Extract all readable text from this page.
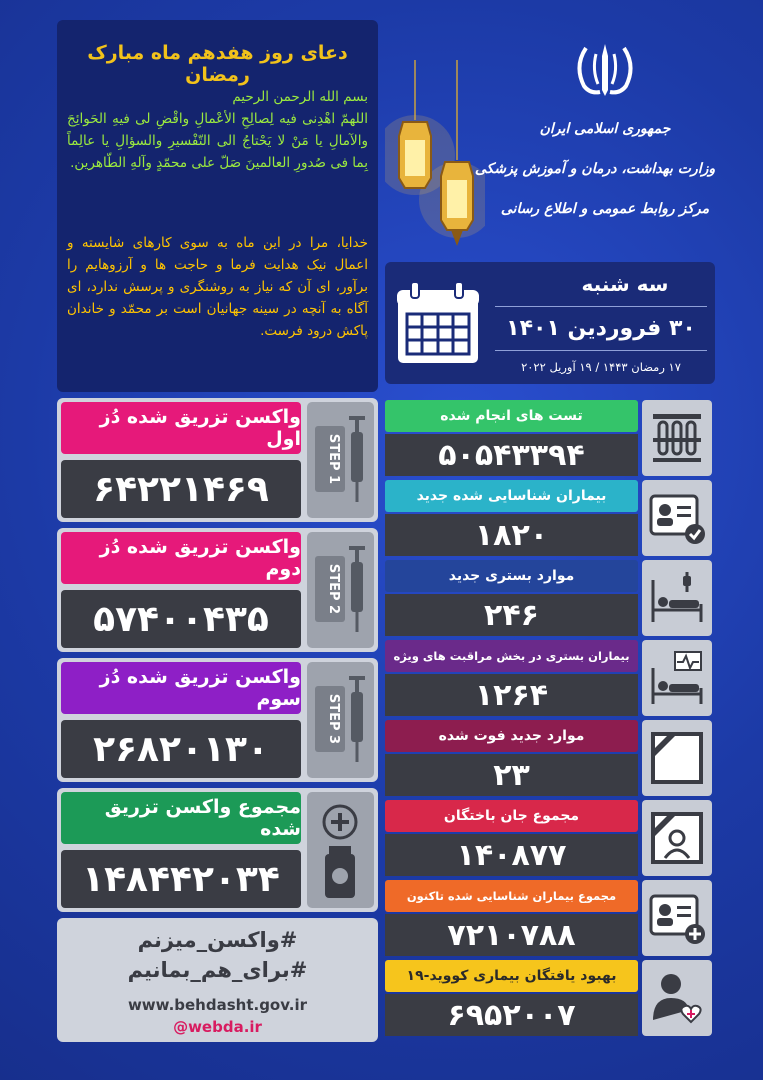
دعای روز هفدهم ماه مبارک رمضان
بسم الله الرحمن الرحيم
اللهمّ اهْدِنی فیه لِصالِحِ الأعْمالِ واقْضِ لی فیهِ الحَوائِجَ والآمالِ یا مَنْ لا یَحْتاجُ الی التّفْسیرِ والسؤالِ یا عالِماً بِما فی صُدورِ العالمینَ صَلّ علی محمّدٍ وآلهِ الطّاهرین.
خدایا، مرا در این ماه به سوی کارهای شایسته و اعمال نیک هدایت فرما و حاجت ها و آرزوهایم را برآور، ای آن که نیاز به روشنگری و پرسش ندارد، ای آگاه به آنچه در سینه جهانیان است بر محمّد و خاندان پاکش درود فرست.
جمهوری اسلامی ایران
وزارت بهداشت، درمان و آموزش پزشکی
مرکز روابط عمومی و اطلاع رسانی
سه شنبه
۳۰ فروردین ۱۴۰۱
۱۷ رمضان ۱۴۴۳ / ۱۹ آوریل ۲۰۲۲
واکسن تزریق شده دُز اول
۶۴۲۲۱۴۶۹
STEP 1
واکسن تزریق شده دُز دوم
۵۷۴۰۰۴۳۵
STEP 2
واکسن تزریق شده دُز سوم
۲۶۸۲۰۱۳۰
STEP 3
مجموع واکسن تزریق شده
۱۴۸۴۴۲۰۳۴
#واکسن_میزنم
#برای_هم_بمانیم
www.behdasht.gov.ir
@webda.ir
تست های انجام شده
۵۰۵۴۳۳۹۴
بیماران شناسایی شده جدید
۱۸۲۰
موارد بستری جدید
۲۴۶
بیماران بستری در بخش مراقبت های ویژه
۱۲۶۴
موارد جدید فوت شده
۲۳
مجموع جان باختگان
۱۴۰۸۷۷
مجموع بیماران شناسایی شده تاکنون
۷۲۱۰۷۸۸
بهبود یافتگان بیماری کووید-۱۹
۶۹۵۲۰۰۷
